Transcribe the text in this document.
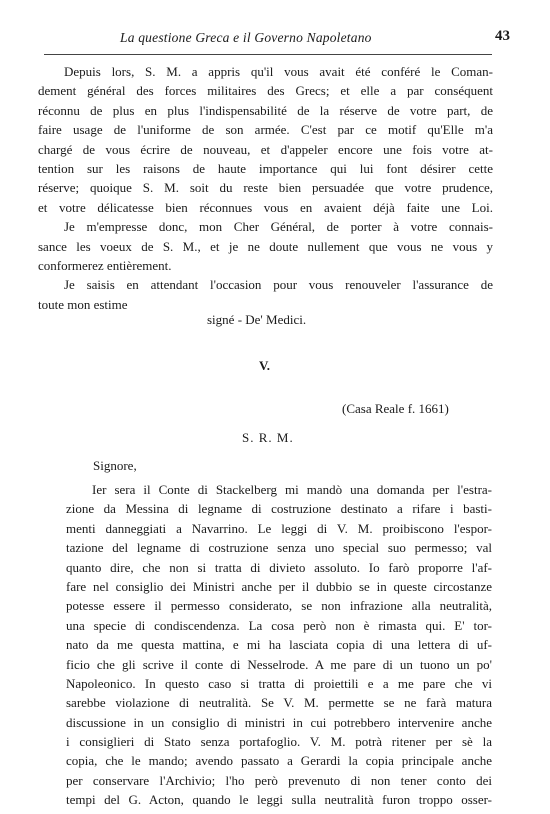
La questione Greca e il Governo Napoletano	43
Depuis lors, S. M. a appris qu'il vous avait été conféré le Coman-
dement général des forces militaires des Grecs; et elle a par conséquent
réconnu de plus en plus l'indispensabilité de la réserve de votre part, de
faire usage de l'uniforme de son armée. C'est par ce motif qu'Elle m'a
chargé de vous écrire de nouveau, et d'appeler encore une fois votre at-
tention sur les raisons de haute importance qui lui font désirer cette
réserve; quoique S. M. soit du reste bien persuadée que votre prudence,
et votre délicatesse bien réconnues vous en avaient déjà faite une Loi.
Je m'empresse donc, mon Cher Général, de porter à votre connais-
sance les voeux de S. M., et je ne doute nullement que vous ne vous y
conformerez entièrement.
Je saisis en attendant l'occasion pour vous renouveler l'assurance de
toute mon estime
signé - De' Medici.
V.
(Casa Reale f. 1661)
S. R. M.
Signore,
Ier sera il Conte di Stackelberg mi mandò una domanda per l'estra-
zione da Messina di legname di costruzione destinato a rifare i basti-
menti danneggiati a Navarrino. Le leggi di V. M. proibiscono l'espor-
tazione del legname di costruzione senza uno special suo permesso; val
quanto dire, che non si tratta di divieto assoluto. Io farò proporre l'af-
fare nel consiglio dei Ministri anche per il dubbio se in queste circostanze
potesse essere il permesso considerato, se non infrazione alla neutralità,
una specie di condiscendenza. La cosa però non è rimasta qui. E' tor-
nato da me questa mattina, e mi ha lasciata copia di una lettera di uf-
ficio che gli scrive il conte di Nesselrode. A me pare di un tuono un po'
Napoleonico. In questo caso si tratta di proiettili e a me pare che vi
sarebbe violazione di neutralità. Se V. M. permette se ne farà matura
discussione in un consiglio di ministri in cui potrebbero intervenire anche
i consiglieri di Stato senza portafoglio. V. M. potrà ritener per sè la
copia, che le mando; avendo passato a Gerardi la copia principale anche
per conservare l'Archivio; l'ho però prevenuto di non tener conto dei
tempi del G. Acton, quando le leggi sulla neutralità furon troppo osser-
